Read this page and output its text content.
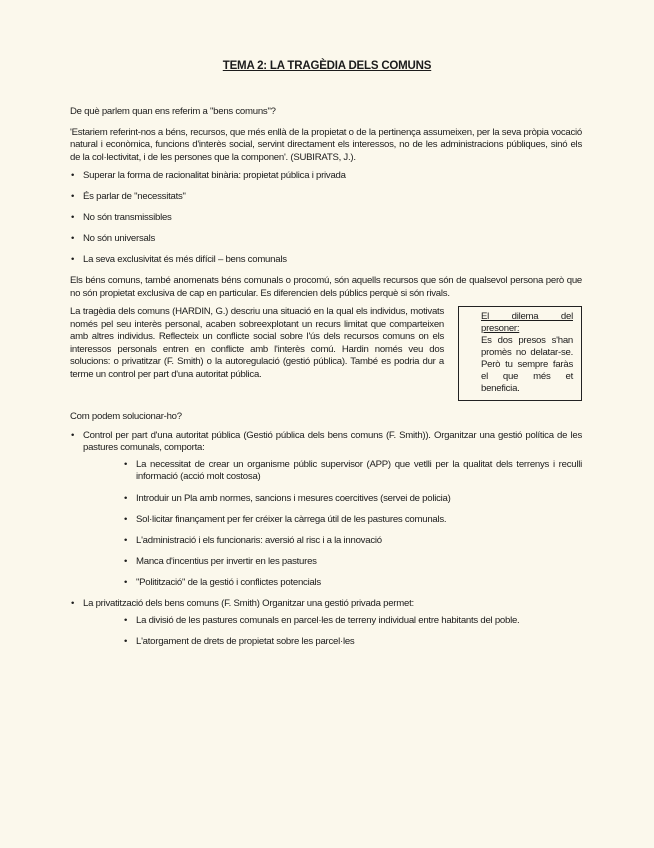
TEMA 2: LA TRAGÈDIA DELS COMUNS

De què parlem quan ens referim a "bens comuns"?

'Estariem referint-nos a béns, recursos, que més enllà de la propietat o de la pertinença assumeixen, per la seva pròpia vocació natural i econòmica, funcions d'interès social, servint directament els interessos, no de les administracions públiques, sinó els de la col·lectivitat, i de les persones que la componen'. (SUBIRATS, J.).

• Superar la forma de racionalitat binària: propietat pública i privada
• És parlar de "necessitats"
• No són transmissibles
• No són universals
• La seva exclusivitat és més difícil – bens comunals

Els béns comuns, també anomenats béns comunals o procomú, són aquells recursos que són de qualsevol persona però que no són propietat exclusiva de cap en particular. Es diferencien dels públics perquè si són rivals.

El dilema del presoner:
Es dos presos s'han promès no delatar-se. Però tu sempre faràs el que més et beneficia.

La tragèdia dels comuns (HARDIN, G.) descriu una situació en la qual els individus, motivats només pel seu interès personal, acaben sobreexplotant un recurs limitat que comparteixen amb altres individus. Reflecteix un conflicte social sobre l'ús dels recursos comuns on els interessos personals entren en conflicte amb l'interès comú. Hardin només veu dos solucions: o privatitzar (F. Smith) o la autoregulació (gestió pública). També es podria dur a terme un control per part d'una autoritat pública.

Com podem solucionar-ho?

• Control per part d'una autoritat pública (Gestió pública dels bens comuns (F. Smith)). Organitzar una gestió política de les pastures comunals, comporta:
• La necessitat de crear un organisme públic supervisor (APP) que vetlli per la qualitat dels terrenys i reculli informació (acció molt costosa)
• Introduir un Pla amb normes, sancions i mesures coercitives (servei de policia)
• Sol·licitar finançament per fer créixer la càrrega útil de les pastures comunals.
• L'administració i els funcionaris: aversió al risc i a la innovació
• Manca d'incentius per invertir en les pastures
• "Politització" de la gestió i conflictes potencials
• La privatització dels bens comuns (F. Smith) Organitzar una gestió privada permet:
• La divisió de les pastures comunals en parcel·les de terreny individual entre habitants del poble.
• L'atorgament de drets de propietat sobre les parcel·les
